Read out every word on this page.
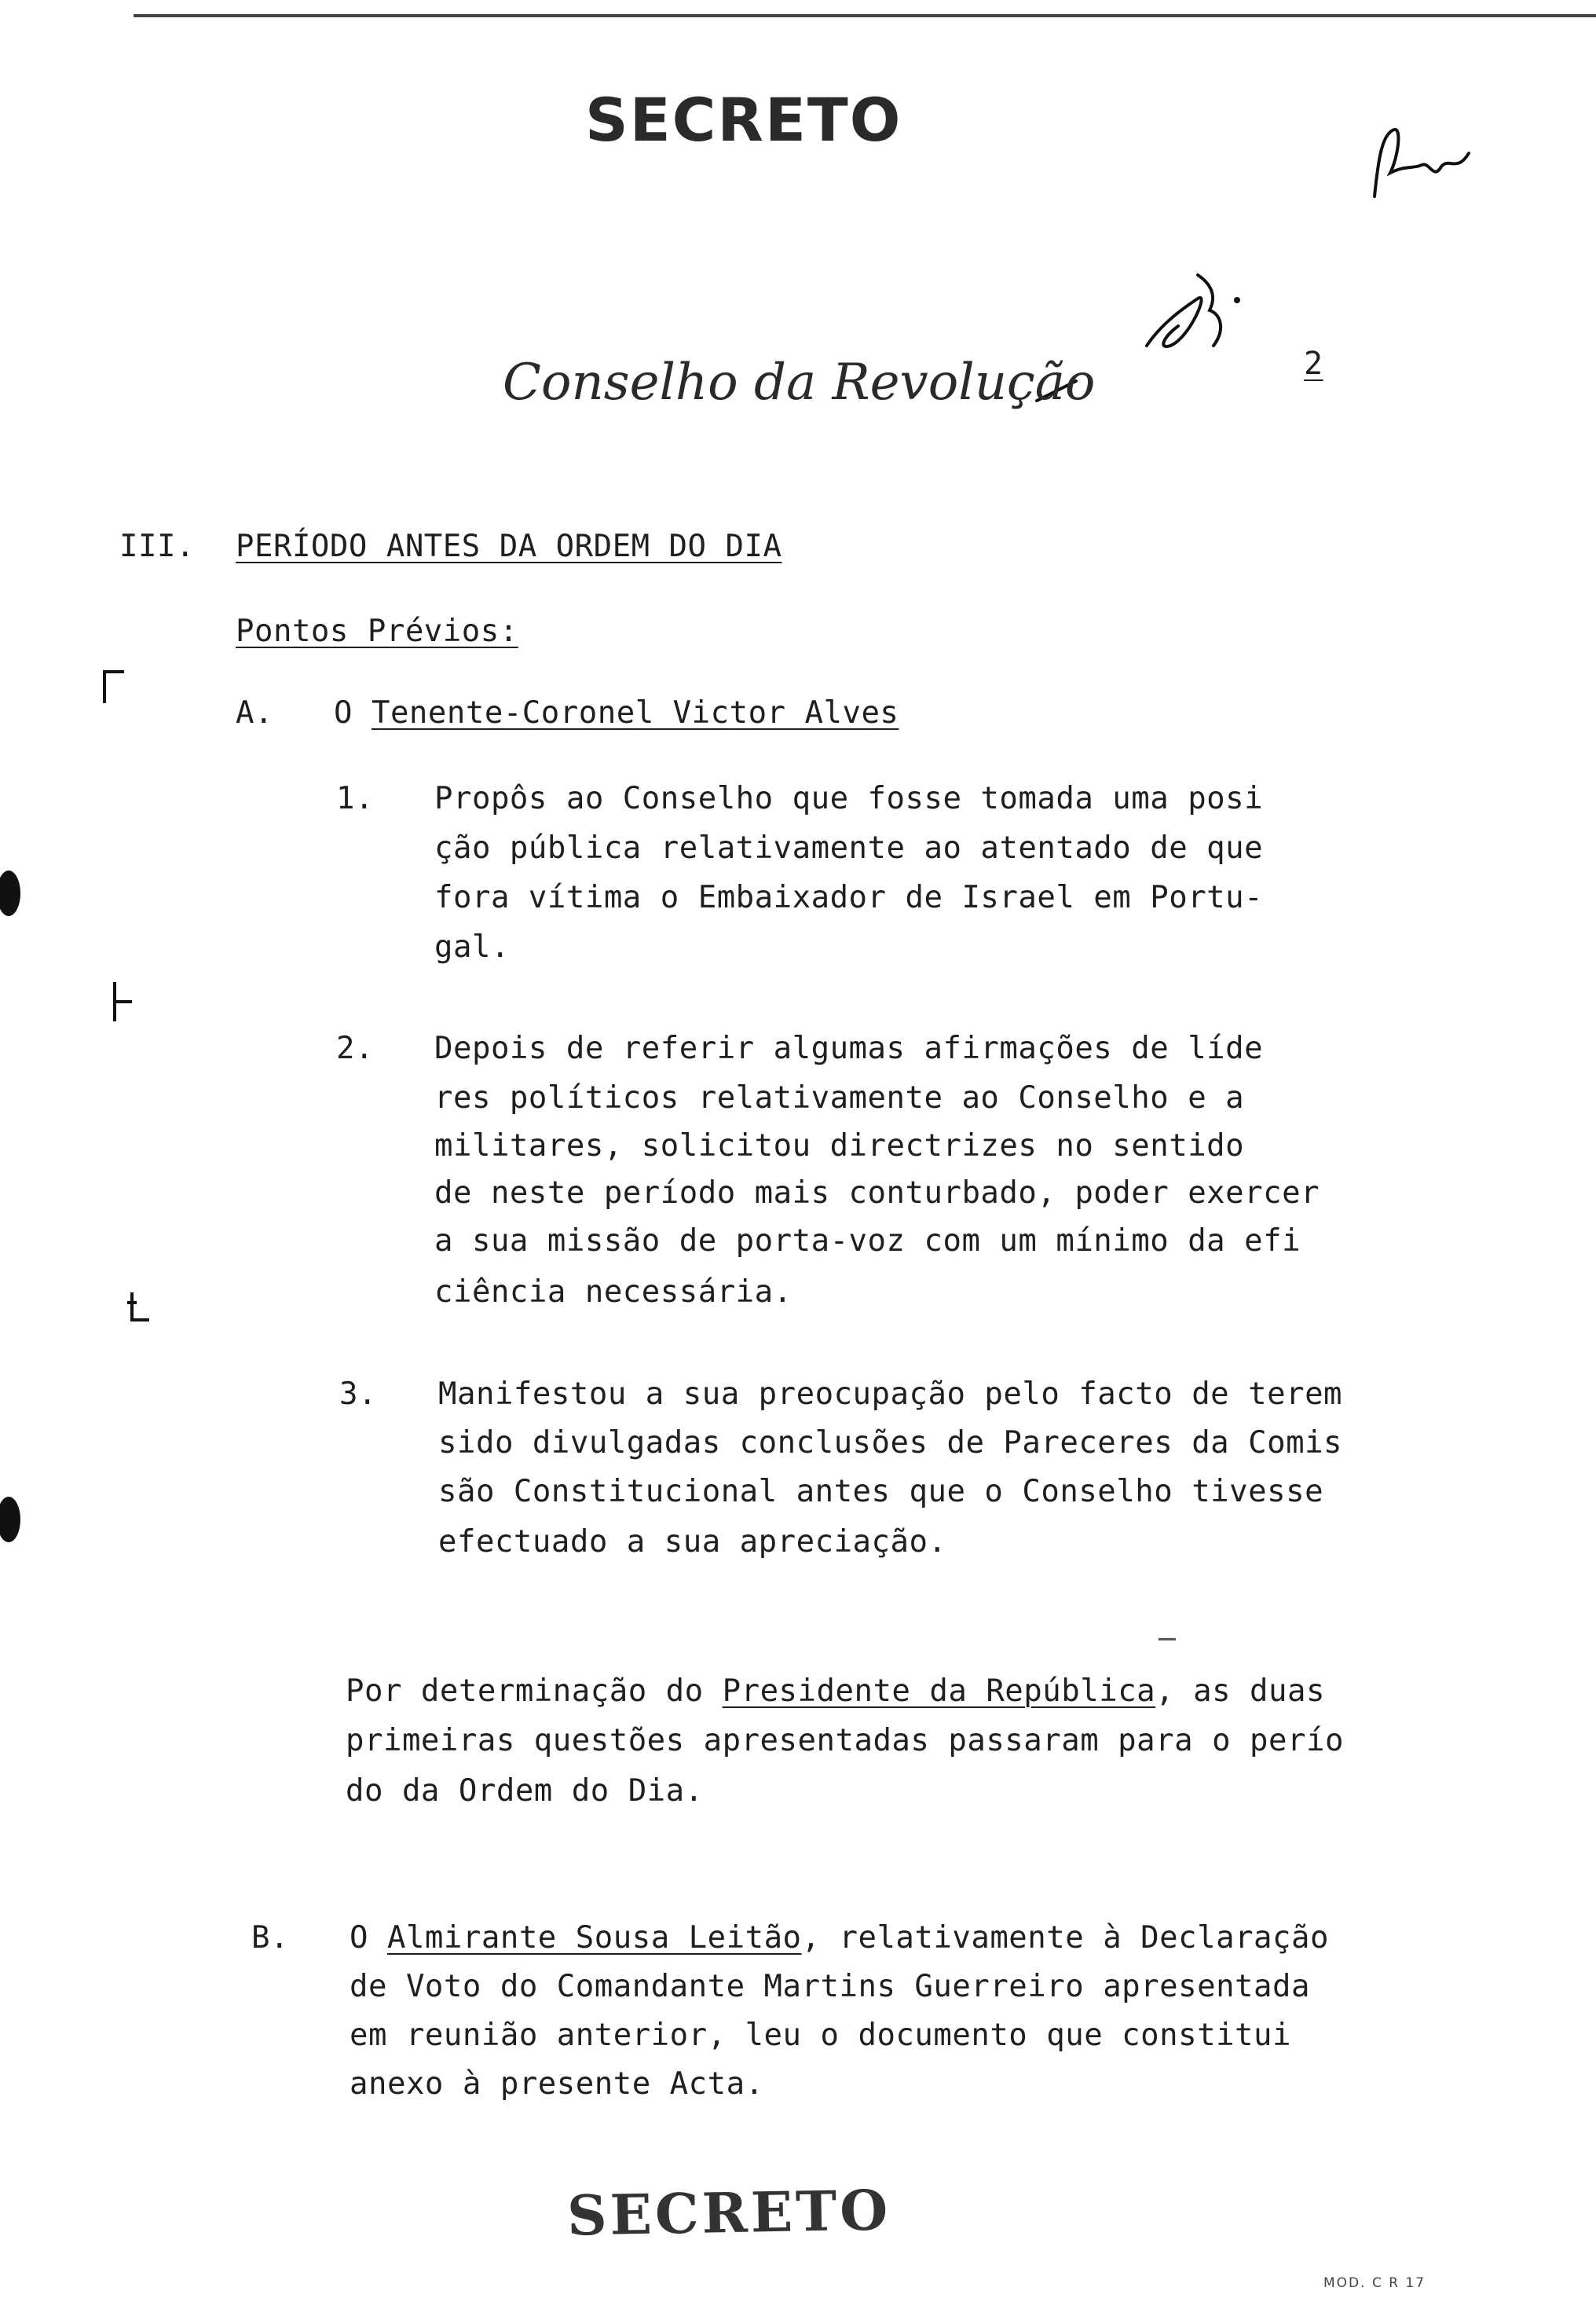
SECRETO
Conselho da Revolução	2
III. PERÍODO ANTES DA ORDEM DO DIA
Pontos Prévios:
A. O Tenente-Coronel Victor Alves
1. Propôs ao Conselho que fosse tomada uma posi
ção pública relativamente ao atentado de que
fora vítima o Embaixador de Israel em Portu-
gal.
2. Depois de referir algumas afirmações de líde
res políticos relativamente ao Conselho e a
militares, solicitou directrizes no sentido
de neste período mais conturbado, poder exercer
a sua missão de porta-voz com um mínimo da efi
ciência necessária.
3. Manifestou a sua preocupação pelo facto de terem
sido divulgadas conclusões de Pareceres da Comis
são Constitucional antes que o Conselho tivesse
efectuado a sua apreciação.
Por determinação do Presidente da República, as duas
primeiras questões apresentadas passaram para o perío
do da Ordem do Dia.
B. O Almirante Sousa Leitão, relativamente à Declaração
de Voto do Comandante Martins Guerreiro apresentada
em reunião anterior, leu o documento que constitui
anexo à presente Acta.
SECRETO
MOD. C R 17
